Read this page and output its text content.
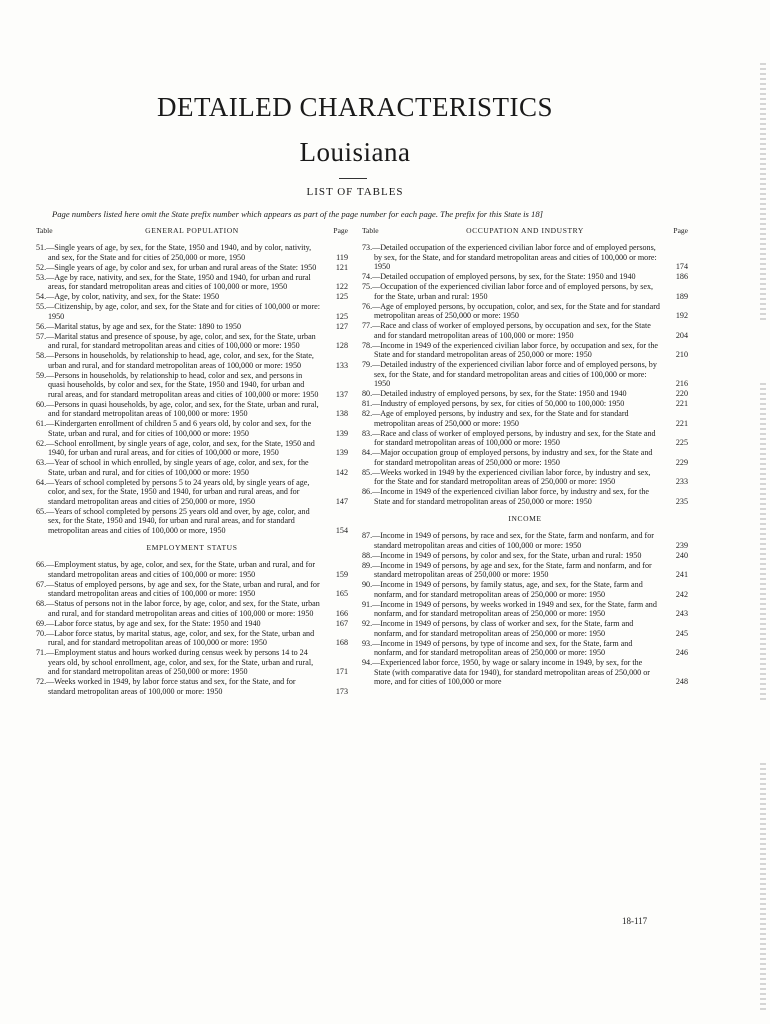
DETAILED CHARACTERISTICS
Louisiana
LIST OF TABLES
Page numbers listed here omit the State prefix number which appears as part of the page number for each page. The prefix for this State is 18]
Table	GENERAL POPULATION	Page
51.—Single years of age, by sex, for the State, 1950 and 1940, and by color, nativity, and sex, for the State and for cities of 250,000 or more, 1950	119
52.—Single years of age, by color and sex, for urban and rural areas of the State: 1950	121
53.—Age by race, nativity, and sex, for the State, 1950 and 1940, for urban and rural areas, for standard metropolitan areas and cities of 100,000 or more, 1950	122
54.—Age, by color, nativity, and sex, for the State: 1950	125
55.—Citizenship, by age, color, and sex, for the State and for cities of 100,000 or more: 1950	125
56.—Marital status, by age and sex, for the State: 1890 to 1950	127
57.—Marital status and presence of spouse, by age, color, and sex, for the State, urban and rural, for standard metropolitan areas and cities of 100,000 or more: 1950	128
58.—Persons in households, by relationship to head, age, color, and sex, for the State, urban and rural, and for standard metropolitan areas of 100,000 or more: 1950	133
59.—Persons in households, by relationship to head, color and sex, and persons in quasi households, by color and sex, for the State, 1950 and 1940, for urban and rural areas, and for standard metropolitan areas and cities of 100,000 or more: 1950	137
60.—Persons in quasi households, by age, color, and sex, for the State, urban and rural, and for standard metropolitan areas of 100,000 or more: 1950	138
61.—Kindergarten enrollment of children 5 and 6 years old, by color and sex, for the State, urban and rural, and for cities of 100,000 or more: 1950	139
62.—School enrollment, by single years of age, color, and sex, for the State, 1950 and 1940, for urban and rural areas, and for cities of 100,000 or more, 1950	139
63.—Year of school in which enrolled, by single years of age, color, and sex, for the State, urban and rural, and for cities of 100,000 or more: 1950	142
64.—Years of school completed by persons 5 to 24 years old, by single years of age, color, and sex, for the State, 1950 and 1940, for urban and rural areas, and for standard metropolitan areas and cities of 250,000 or more, 1950	147
65.—Years of school completed by persons 25 years old and over, by age, color, and sex, for the State, 1950 and 1940, for urban and rural areas, and for standard metropolitan areas and cities of 100,000 or more, 1950	154
EMPLOYMENT STATUS
66.—Employment status, by age, color, and sex, for the State, urban and rural, and for standard metropolitan areas and cities of 100,000 or more: 1950	159
67.—Status of employed persons, by age and sex, for the State, urban and rural, and for standard metropolitan areas and cities of 100,000 or more: 1950	165
68.—Status of persons not in the labor force, by age, color, and sex, for the State, urban and rural, and for standard metropolitan areas and cities of 100,000 or more: 1950	166
69.—Labor force status, by age and sex, for the State: 1950 and 1940	167
70.—Labor force status, by marital status, age, color, and sex, for the State, urban and rural, and for standard metropolitan areas of 100,000 or more: 1950	168
71.—Employment status and hours worked during census week by persons 14 to 24 years old, by school enrollment, age, color, and sex, for the State, urban and rural, and for standard metropolitan areas of 250,000 or more: 1950	171
72.—Weeks worked in 1949, by labor force status and sex, for the State, and for standard metropolitan areas of 100,000 or more: 1950	173
Table	OCCUPATION AND INDUSTRY	Page
73.—Detailed occupation of the experienced civilian labor force and of employed persons, by sex, for the State, and for standard metropolitan areas and cities of 100,000 or more: 1950	174
74.—Detailed occupation of employed persons, by sex, for the State: 1950 and 1940	186
75.—Occupation of the experienced civilian labor force and of employed persons, by sex, for the State, urban and rural: 1950	189
76.—Age of employed persons, by occupation, color, and sex, for the State and for standard metropolitan areas of 250,000 or more: 1950	192
77.—Race and class of worker of employed persons, by occupation and sex, for the State and for standard metropolitan areas of 100,000 or more: 1950	204
78.—Income in 1949 of the experienced civilian labor force, by occupation and sex, for the State and for standard metropolitan areas of 250,000 or more: 1950	210
79.—Detailed industry of the experienced civilian labor force and of employed persons, by sex, for the State, and for standard metropolitan areas and cities of 100,000 or more: 1950	216
80.—Detailed industry of employed persons, by sex, for the State: 1950 and 1940	220
81.—Industry of employed persons, by sex, for cities of 50,000 to 100,000: 1950	221
82.—Age of employed persons, by industry and sex, for the State and for standard metropolitan areas of 250,000 or more: 1950	221
83.—Race and class of worker of employed persons, by industry and sex, for the State and for standard metropolitan areas of 100,000 or more: 1950	225
84.—Major occupation group of employed persons, by industry and sex, for the State and for standard metropolitan areas of 250,000 or more: 1950	229
85.—Weeks worked in 1949 by the experienced civilian labor force, by industry and sex, for the State and for standard metropolitan areas of 250,000 or more: 1950	233
86.—Income in 1949 of the experienced civilian labor force, by industry and sex, for the State and for standard metropolitan areas of 250,000 or more: 1950	235
INCOME
87.—Income in 1949 of persons, by race and sex, for the State, farm and nonfarm, and for standard metropolitan areas and cities of 100,000 or more: 1950	239
88.—Income in 1949 of persons, by color and sex, for the State, urban and rural: 1950	240
89.—Income in 1949 of persons, by age and sex, for the State, farm and nonfarm, and for standard metropolitan areas of 250,000 or more: 1950	241
90.—Income in 1949 of persons, by family status, age, and sex, for the State, farm and nonfarm, and for standard metropolitan areas of 250,000 or more: 1950	242
91.—Income in 1949 of persons, by weeks worked in 1949 and sex, for the State, farm and nonfarm, and for standard metropolitan areas of 250,000 or more: 1950	243
92.—Income in 1949 of persons, by class of worker and sex, for the State, farm and nonfarm, and for standard metropolitan areas of 250,000 or more: 1950	245
93.—Income in 1949 of persons, by type of income and sex, for the State, farm and nonfarm, and for standard metropolitan areas of 250,000 or more: 1950	246
94.—Experienced labor force, 1950, by wage or salary income in 1949, by sex, for the State (with comparative data for 1940), for standard metropolitan areas of 250,000 or more, and for cities of 100,000 or more	248
18-117
